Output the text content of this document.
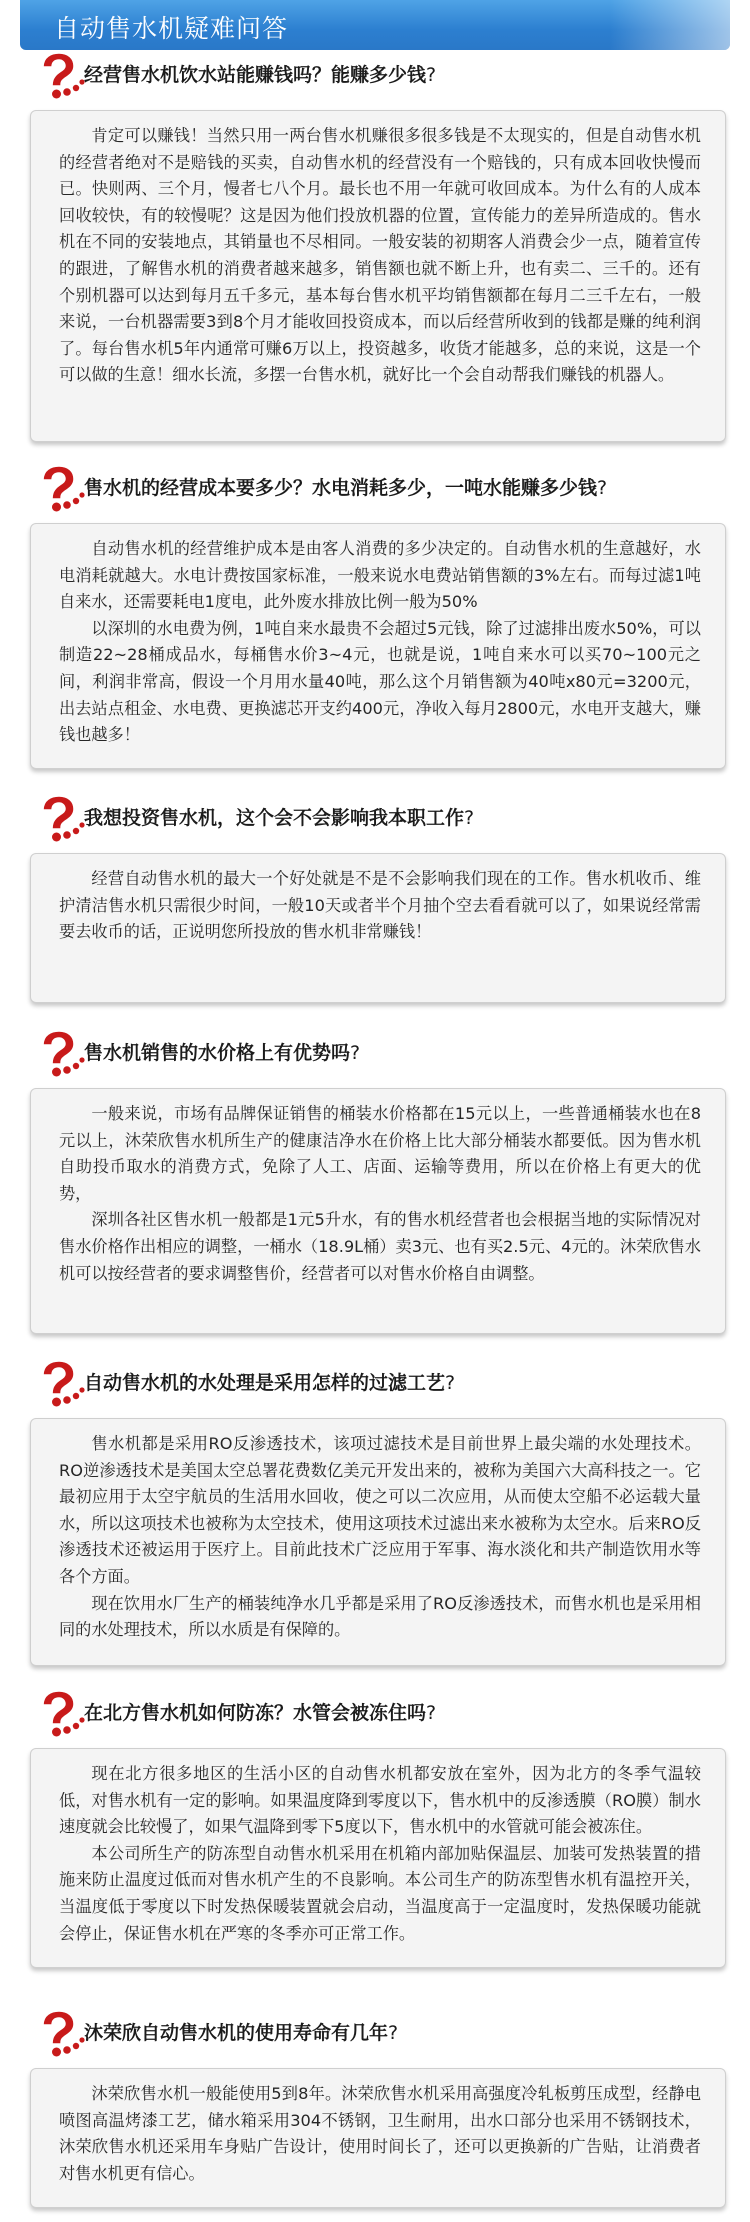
自动售水机疑难问答
经营售水机饮水站能赚钱吗？能赚多少钱?

肯定可以赚钱！当然只用一两台售水机赚很多很多钱是不太现实的，但是自动售水机的经营者绝对不是赔钱的买卖，自动售水机的经营没有一个赔钱的，只有成本回收快慢而已。快则两、三个月，慢者七八个月。最长也不用一年就可收回成本。为什么有的人成本回收较快，有的较慢呢？这是因为他们投放机器的位置，宣传能力的差异所造成的。售水机在不同的安装地点，其销量也不尽相同。一般安装的初期客人消费会少一点，随着宣传的跟进，了解售水机的消费者越来越多，销售额也就不断上升，也有卖二、三千的。还有个别机器可以达到每月五千多元，基本每台售水机平均销售额都在每月二三千左右，一般来说，一台机器需要3到8个月才能收回投资成本，而以后经营所收到的钱都是赚的纯利润了。每台售水机5年内通常可赚6万以上，投资越多，收货才能越多，总的来说，这是一个可以做的生意！细水长流，多摆一台售水机，就好比一个会自动帮我们赚钱的机器人。

售水机的经营成本要多少？水电消耗多少，一吨水能赚多少钱?

自动售水机的经营维护成本是由客人消费的多少决定的。自动售水机的生意越好，水电消耗就越大。水电计费按国家标准，一般来说水电费站销售额的3%左右。而每过滤1吨自来水，还需要耗电1度电，此外废水排放比例一般为50%

以深圳的水电费为例，1吨自来水最贵不会超过5元钱，除了过滤排出废水50%，可以制造22~28桶成品水，每桶售水价3~4元，也就是说，1吨自来水可以买70~100元之间，利润非常高，假设一个月用水量40吨，那么这个月销售额为40吨x80元=3200元，出去站点租金、水电费、更换滤芯开支约400元，净收入每月2800元，水电开支越大，赚钱也越多！

我想投资售水机，这个会不会影响我本职工作?

经营自动售水机的最大一个好处就是不是不会影响我们现在的工作。售水机收币、维护清洁售水机只需很少时间，一般10天或者半个月抽个空去看看就可以了，如果说经常需要去收币的话，正说明您所投放的售水机非常赚钱！

售水机销售的水价格上有优势吗?

一般来说，市场有品牌保证销售的桶装水价格都在15元以上，一些普通桶装水也在8元以上，沐荣欣售水机所生产的健康洁净水在价格上比大部分桶装水都要低。因为售水机自助投币取水的消费方式，免除了人工、店面、运输等费用，所以在价格上有更大的优势，

深圳各社区售水机一般都是1元5升水，有的售水机经营者也会根据当地的实际情况对售水价格作出相应的调整，一桶水（18.9L桶）卖3元、也有买2.5元、4元的。沐荣欣售水机可以按经营者的要求调整售价，经营者可以对售水价格自由调整。

自动售水机的水处理是采用怎样的过滤工艺?

售水机都是采用RO反渗透技术，该项过滤技术是目前世界上最尖端的水处理技术。RO逆渗透技术是美国太空总署花费数亿美元开发出来的，被称为美国六大高科技之一。它最初应用于太空宇航员的生活用水回收，使之可以二次应用，从而使太空船不必运载大量水，所以这项技术也被称为太空技术，使用这项技术过滤出来水被称为太空水。后来RO反渗透技术还被运用于医疗上。目前此技术广泛应用于军事、海水淡化和共产制造饮用水等各个方面。

现在饮用水厂生产的桶装纯净水几乎都是采用了RO反渗透技术，而售水机也是采用相同的水处理技术，所以水质是有保障的。

在北方售水机如何防冻？水管会被冻住吗?

现在北方很多地区的生活小区的自动售水机都安放在室外，因为北方的冬季气温较低，对售水机有一定的影响。如果温度降到零度以下，售水机中的反渗透膜（RO膜）制水速度就会比较慢了，如果气温降到零下5度以下，售水机中的水管就可能会被冻住。

本公司所生产的防冻型自动售水机采用在机箱内部加贴保温层、加装可发热装置的措施来防止温度过低而对售水机产生的不良影响。本公司生产的防冻型售水机有温控开关，当温度低于零度以下时发热保暖装置就会启动，当温度高于一定温度时，发热保暖功能就会停止，保证售水机在严寒的冬季亦可正常工作。

沐荣欣自动售水机的使用寿命有几年?

沐荣欣售水机一般能使用5到8年。沐荣欣售水机采用高强度冷轧板剪压成型，经静电喷图高温烤漆工艺，储水箱采用304不锈钢，卫生耐用，出水口部分也采用不锈钢技术，沐荣欣售水机还采用车身贴广告设计，使用时间长了，还可以更换新的广告贴，让消费者对售水机更有信心。
